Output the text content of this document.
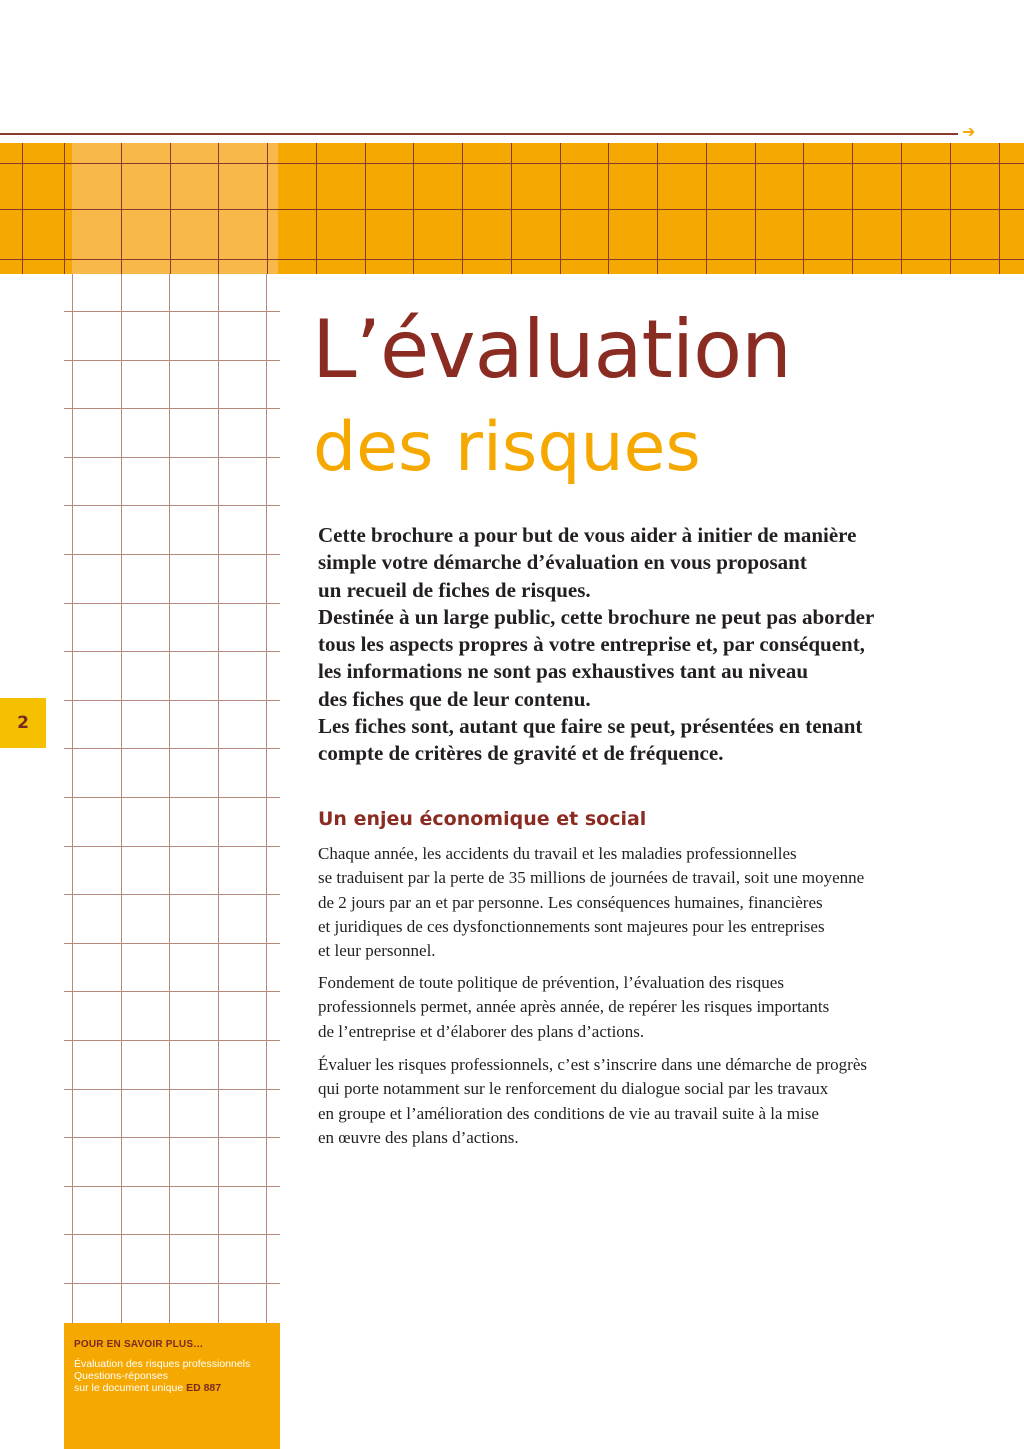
➔
2
L’évaluation
des risques
Cette brochure a pour but de vous aider à initier de manière
simple votre démarche d’évaluation en vous proposant
un recueil de fiches de risques.
Destinée à un large public, cette brochure ne peut pas aborder
tous les aspects propres à votre entreprise et, par conséquent,
les informations ne sont pas exhaustives tant au niveau
des fiches que de leur contenu.
Les fiches sont, autant que faire se peut, présentées en tenant
compte de critères de gravité et de fréquence.
Un enjeu économique et social
Chaque année, les accidents du travail et les maladies professionnelles
se traduisent par la perte de 35 millions de journées de travail, soit une moyenne
de 2 jours par an et par personne. Les conséquences humaines, financières
et juridiques de ces dysfonctionnements sont majeures pour les entreprises
et leur personnel.
Fondement de toute politique de prévention, l’évaluation des risques
professionnels permet, année après année, de repérer les risques importants
de l’entreprise et d’élaborer des plans d’actions.
Évaluer les risques professionnels, c’est s’inscrire dans une démarche de progrès
qui porte notamment sur le renforcement du dialogue social par les travaux
en groupe et l’amélioration des conditions de vie au travail suite à la mise
en œuvre des plans d’actions.
POUR EN SAVOIR PLUS…
Évaluation des risques professionnels
Questions-réponses
sur le document unique ED 887
